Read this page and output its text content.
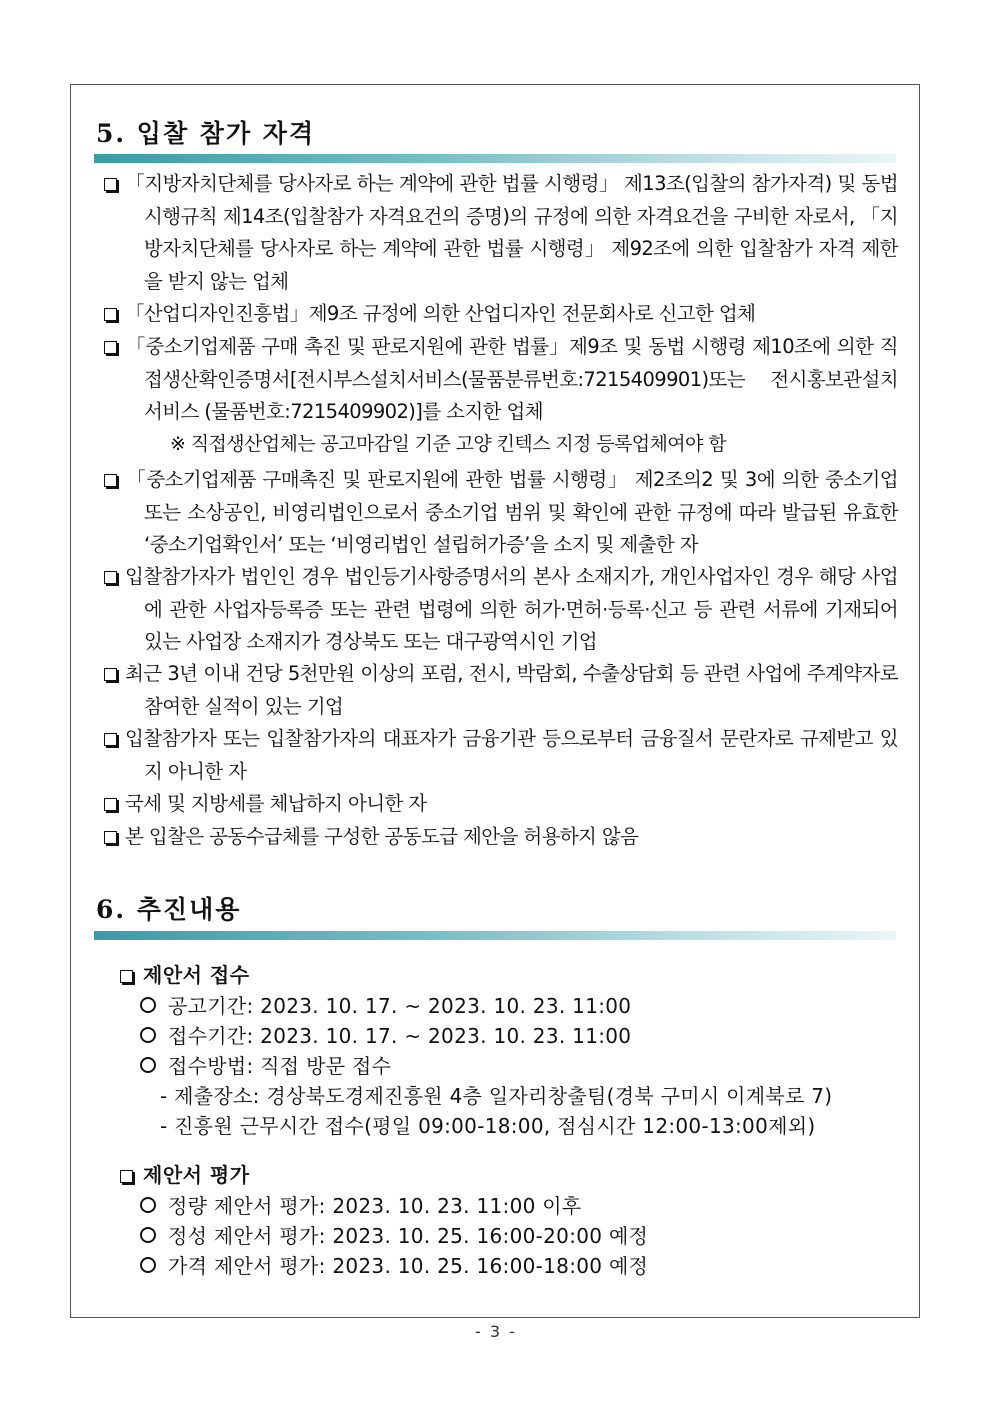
5. 입찰 참가 자격
「지방자치단체를 당사자로 하는 계약에 관한 법률 시행령」 제13조(입찰의 참가자격) 및 동법 시행규칙 제14조(입찰참가 자격요건의 증명)의 규정에 의한 자격요건을 구비한 자로서, 「지방자치단체를 당사자로 하는 계약에 관한 법률 시행령」 제92조에 의한 입찰참가 자격 제한을 받지 않는 업체
「산업디자인진흥법」제9조 규정에 의한 산업디자인 전문회사로 신고한 업체
「중소기업제품 구매 촉진 및 판로지원에 관한 법률」제9조 및 동법 시행령 제10조에 의한 직접생산확인증명서[전시부스설치서비스(물품분류번호:7215409901)또는 전시홍보관설치 서비스 (물품번호:7215409902)]를 소지한 업체
※ 직접생산업체는 공고마감일 기준 고양 킨텍스 지정 등록업체여야 함
「중소기업제품 구매촉진 및 판로지원에 관한 법률 시행령」 제2조의2 및 3에 의한 중소기업 또는 소상공인, 비영리법인으로서 중소기업 범위 및 확인에 관한 규정에 따라 발급된 유효한 ‘중소기업확인서’ 또는 ‘비영리법인 설립허가증’을 소지 및 제출한 자
입찰참가자가 법인인 경우 법인등기사항증명서의 본사 소재지가, 개인사업자인 경우 해당 사업에 관한 사업자등록증 또는 관련 법령에 의한 허가·면허·등록·신고 등 관련 서류에 기재되어 있는 사업장 소재지가 경상북도 또는 대구광역시인 기업
최근 3년 이내 건당 5천만원 이상의 포럼, 전시, 박람회, 수출상담회 등 관련 사업에 주계약자로 참여한 실적이 있는 기업
입찰참가자 또는 입찰참가자의 대표자가 금융기관 등으로부터 금융질서 문란자로 규제받고 있지 아니한 자
국세 및 지방세를 체납하지 아니한 자
본 입찰은 공동수급체를 구성한 공동도급 제안을 허용하지 않음
6. 추진내용
제안서 접수
공고기간: 2023. 10. 17. ~ 2023. 10. 23. 11:00
접수기간: 2023. 10. 17. ~ 2023. 10. 23. 11:00
접수방법: 직접 방문 접수
- 제출장소: 경상북도경제진흥원 4층 일자리창출팀(경북 구미시 이계북로 7)
- 진흥원 근무시간 접수(평일 09:00-18:00, 점심시간 12:00-13:00제외)
제안서 평가
정량 제안서 평가: 2023. 10. 23. 11:00 이후
정성 제안서 평가: 2023. 10. 25. 16:00-20:00 예정
가격 제안서 평가: 2023. 10. 25. 16:00-18:00 예정
- 3 -
